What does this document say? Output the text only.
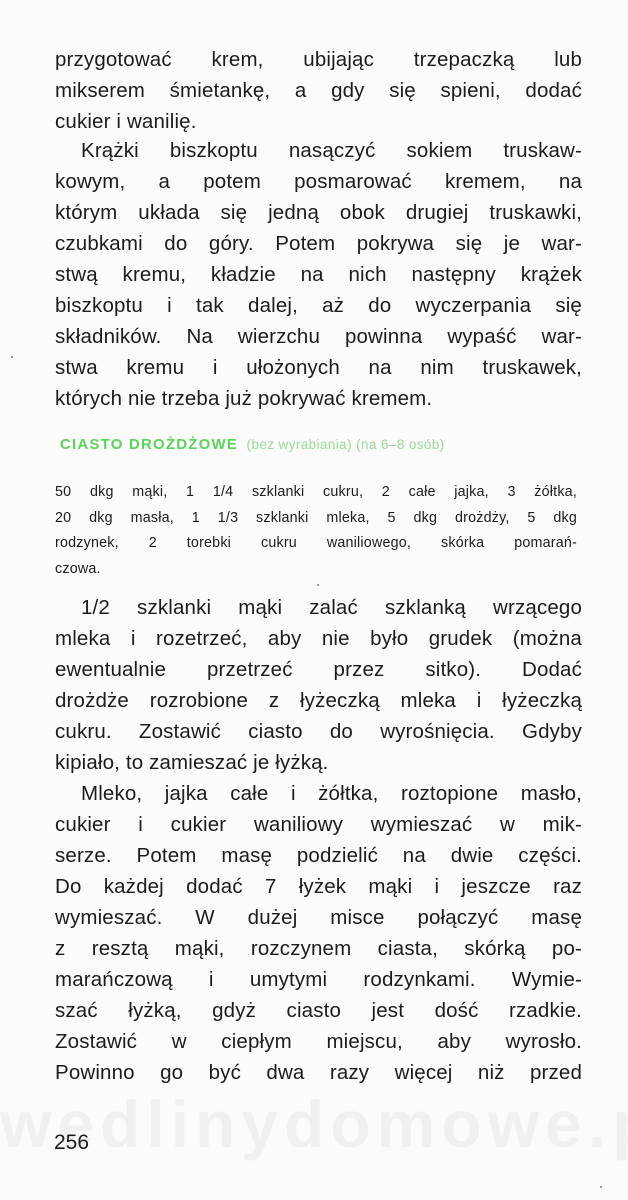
przygotować krem, ubijając trzepaczką lub
mikserem śmietankę, a gdy się spieni, dodać
cukier i wanilię.
Krążki biszkoptu nasączyć sokiem truskaw-
kowym, a potem posmarować kremem, na
którym układa się jedną obok drugiej truskawki,
czubkami do góry. Potem pokrywa się je war-
stwą kremu, kładzie na nich następny krążek
biszkoptu i tak dalej, aż do wyczerpania się
składników. Na wierzchu powinna wypaść war-
stwa kremu i ułożonych na nim truskawek,
których nie trzeba już pokrywać kremem.
CIASTO DROŻDŻOWE (bez wyrabiania) (na 6–8 osób)
50 dkg mąki, 1 1/4 szklanki cukru, 2 całe jajka, 3 żółtka,
20 dkg masła, 1 1/3 szklanki mleka, 5 dkg drożdży, 5 dkg
rodzynek, 2 torebki cukru waniliowego, skórka pomarań-
czowa.
1/2 szklanki mąki zalać szklanką wrzącego
mleka i rozetrzeć, aby nie było grudek (można
ewentualnie przetrzeć przez sitko). Dodać
drożdże rozrobione z łyżeczką mleka i łyżeczką
cukru. Zostawić ciasto do wyrośnięcia. Gdyby
kipiało, to zamieszać je łyżką.
Mleko, jajka całe i żółtka, roztopione masło,
cukier i cukier waniliowy wymieszać w mik-
serze. Potem masę podzielić na dwie części.
Do każdej dodać 7 łyżek mąki i jeszcze raz
wymieszać. W dużej misce połączyć masę
z resztą mąki, rozczynem ciasta, skórką po-
marańczową i umytymi rodzynkami. Wymie-
szać łyżką, gdyż ciasto jest dość rzadkie.
Zostawić w ciepłym miejscu, aby wyrosło.
Powinno go być dwa razy więcej niż przed
256
